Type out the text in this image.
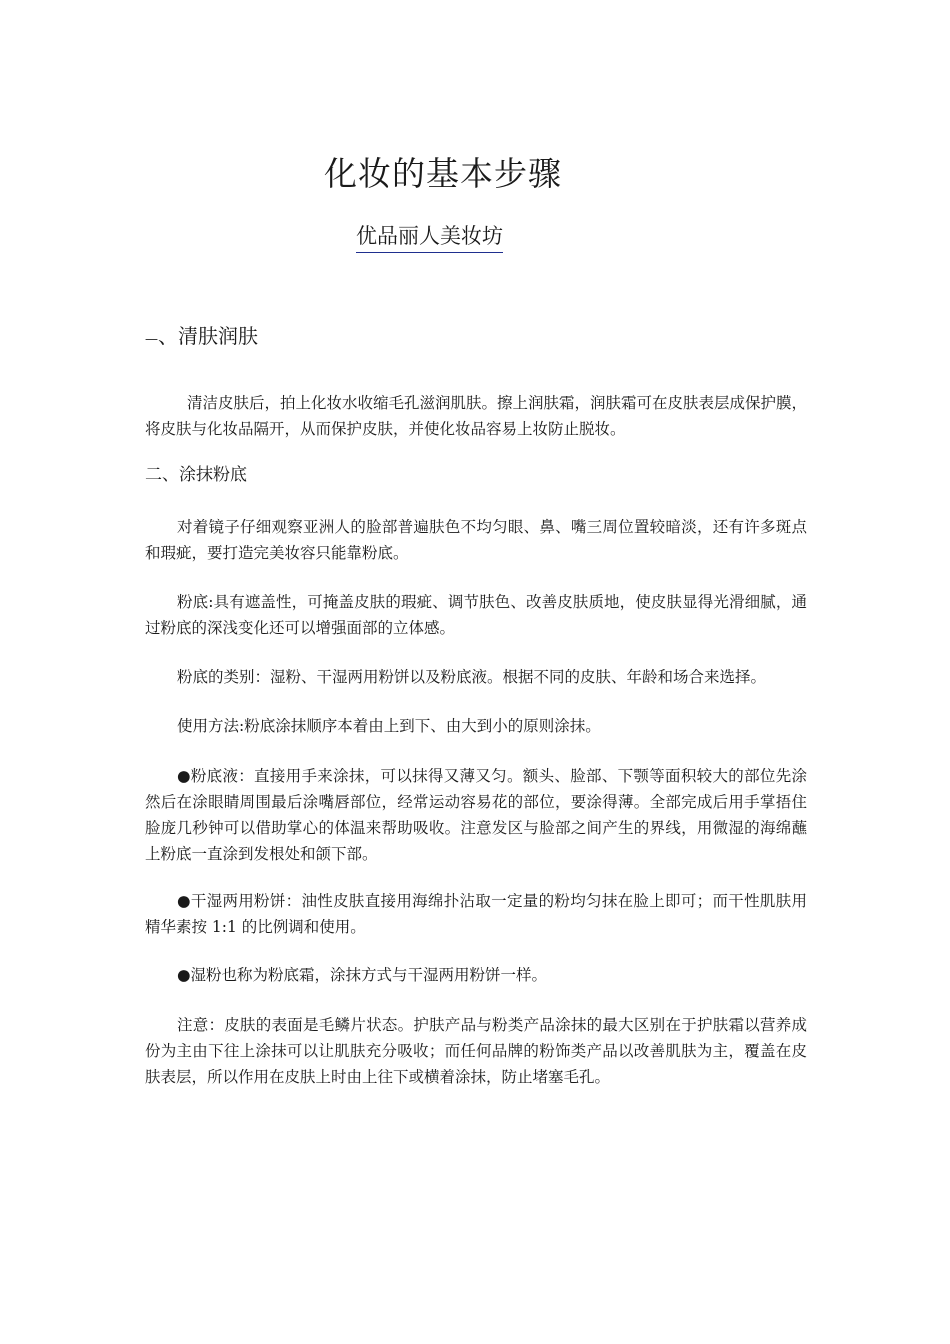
化妆的基本步骤
优品丽人美妆坊
—、清肤润肤

清洁皮肤后，拍上化妆水收缩毛孔滋润肌肤。擦上润肤霜，润肤霜可在皮肤表层成保护膜，将皮肤与化妆品隔开，从而保护皮肤，并使化妆品容易上妆防止脱妆。

二、涂抹粉底

对着镜子仔细观察亚洲人的脸部普遍肤色不均匀眼、鼻、嘴三周位置较暗淡，还有许多斑点和瑕疵，要打造完美妆容只能靠粉底。

粉底:具有遮盖性，可掩盖皮肤的瑕疵、调节肤色、改善皮肤质地，使皮肤显得光滑细腻，通过粉底的深浅变化还可以增强面部的立体感。

粉底的类别：湿粉、干湿两用粉饼以及粉底液。根据不同的皮肤、年龄和场合来选择。

使用方法:粉底涂抹顺序本着由上到下、由大到小的原则涂抹。

●粉底液：直接用手来涂抹，可以抹得又薄又匀。额头、脸部、下颚等面积较大的部位先涂然后在涂眼睛周围最后涂嘴唇部位，经常运动容易花的部位，要涂得薄。全部完成后用手掌捂住脸庞几秒钟可以借助掌心的体温来帮助吸收。注意发区与脸部之间产生的界线，用微湿的海绵蘸上粉底一直涂到发根处和颌下部。

●干湿两用粉饼：油性皮肤直接用海绵扑沾取一定量的粉均匀抹在脸上即可；而干性肌肤用精华素按 1:1 的比例调和使用。

●湿粉也称为粉底霜，涂抹方式与干湿两用粉饼一样。

注意：皮肤的表面是毛鳞片状态。护肤产品与粉类产品涂抹的最大区别在于护肤霜以营养成份为主由下往上涂抹可以让肌肤充分吸收；而任何品牌的粉饰类产品以改善肌肤为主，覆盖在皮肤表层，所以作用在皮肤上时由上往下或横着涂抹，防止堵塞毛孔。
